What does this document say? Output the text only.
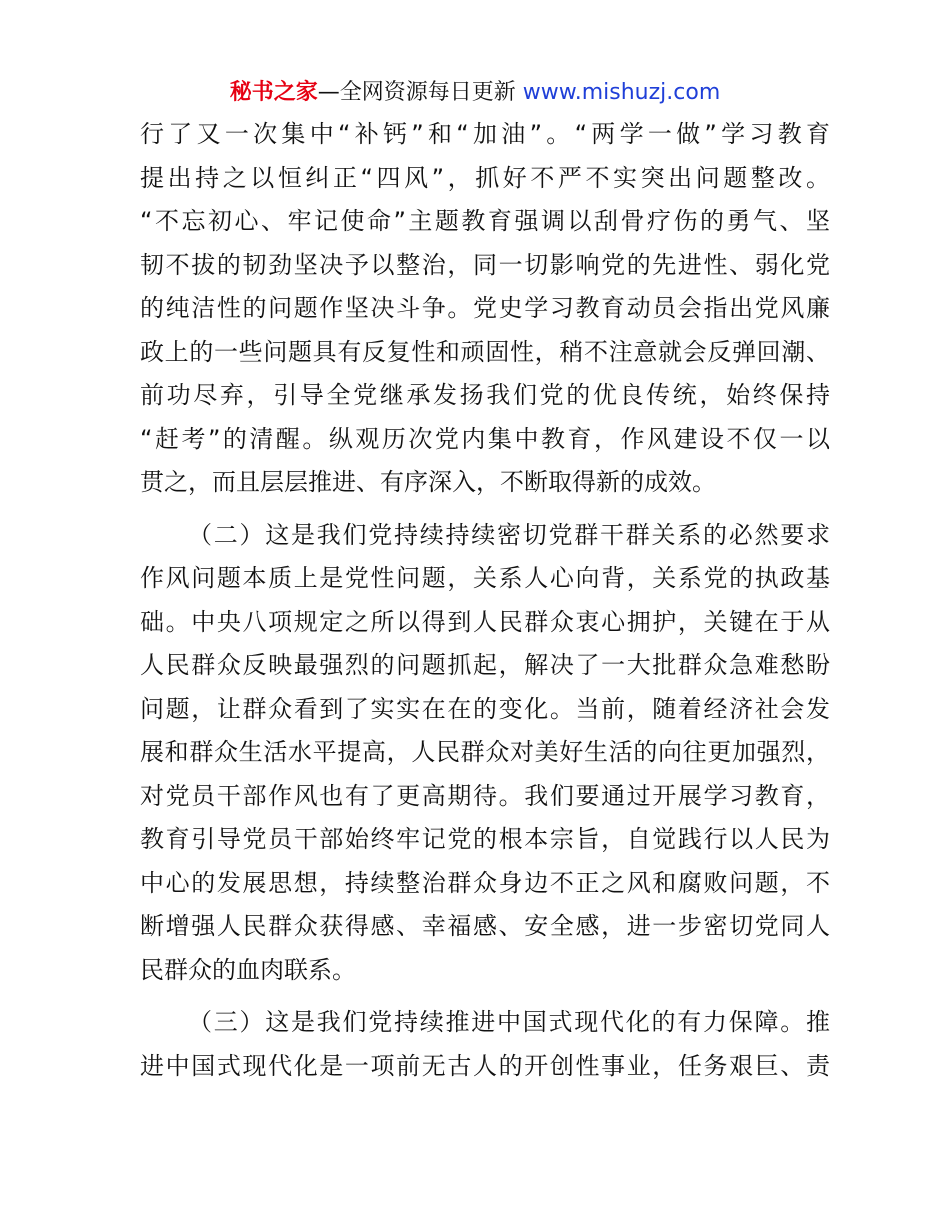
秘书之家—全网资源每日更新 www.mishuzj.com
行了又一次集中“补钙”和“加油”。“两学一做”学习教育
提出持之以恒纠正“四风”，抓好不严不实突出问题整改。
“不忘初心、牢记使命”主题教育强调以刮骨疗伤的勇气、坚
韧不拔的韧劲坚决予以整治，同一切影响党的先进性、弱化党
的纯洁性的问题作坚决斗争。党史学习教育动员会指出党风廉
政上的一些问题具有反复性和顽固性，稍不注意就会反弹回潮、
前功尽弃，引导全党继承发扬我们党的优良传统，始终保持
“赶考”的清醒。纵观历次党内集中教育，作风建设不仅一以
贯之，而且层层推进、有序深入，不断取得新的成效。
（二）这是我们党持续持续密切党群干群关系的必然要求
作风问题本质上是党性问题，关系人心向背，关系党的执政基
础。中央八项规定之所以得到人民群众衷心拥护，关键在于从
人民群众反映最强烈的问题抓起，解决了一大批群众急难愁盼
问题，让群众看到了实实在在的变化。当前，随着经济社会发
展和群众生活水平提高，人民群众对美好生活的向往更加强烈，
对党员干部作风也有了更高期待。我们要通过开展学习教育，
教育引导党员干部始终牢记党的根本宗旨，自觉践行以人民为
中心的发展思想，持续整治群众身边不正之风和腐败问题，不
断增强人民群众获得感、幸福感、安全感，进一步密切党同人
民群众的血肉联系。
（三）这是我们党持续推进中国式现代化的有力保障。推
进中国式现代化是一项前无古人的开创性事业，任务艰巨、责
